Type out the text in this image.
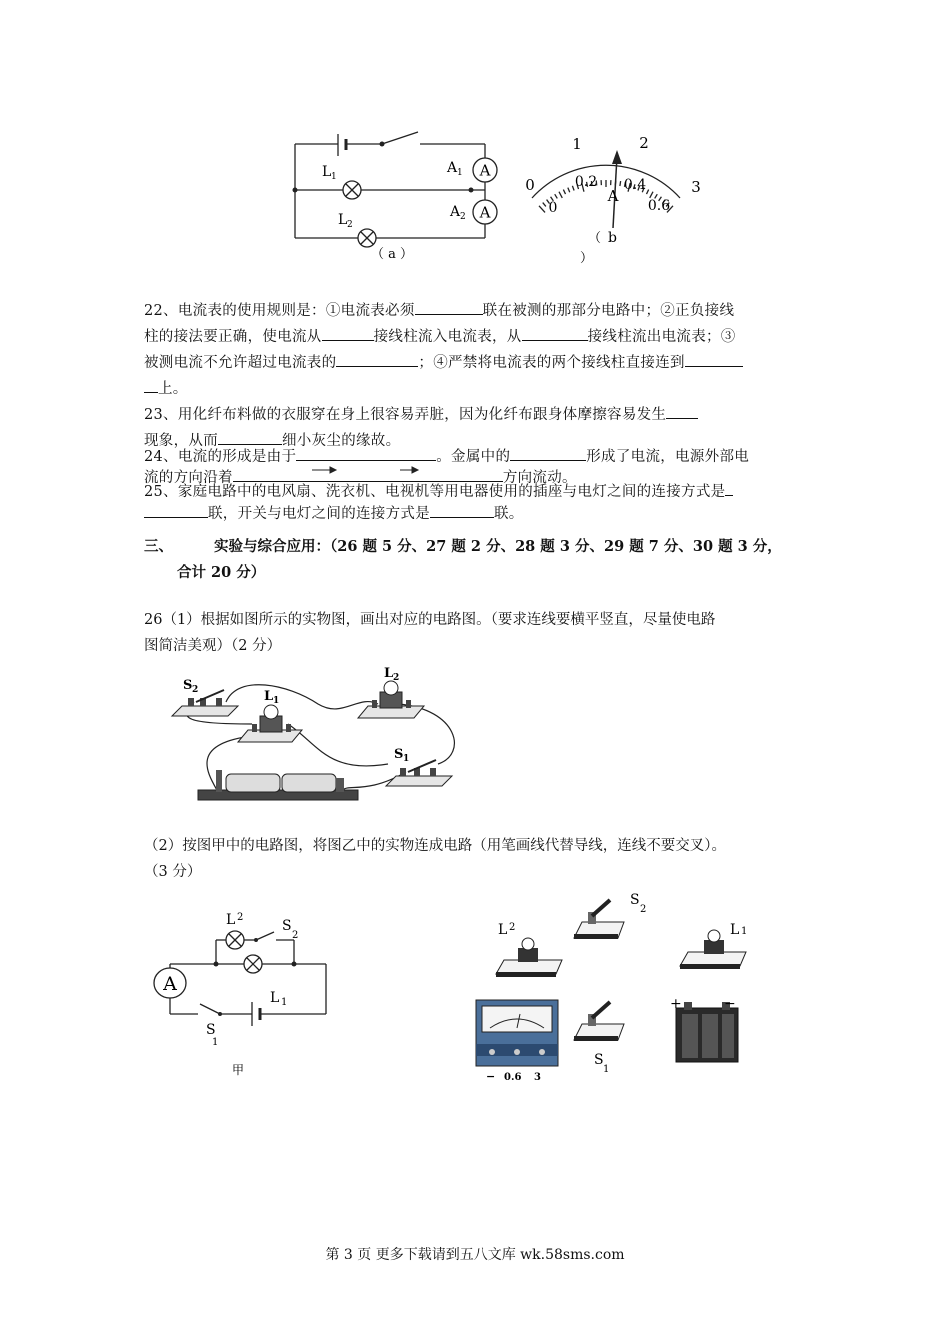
A
A
L 1
L 2
A 1
A 2
（ a ）
0
1	2
3
0
0.2 0.4
0.6
A
（ b
）
22、电流表的使用规则是：①电流表必须	联在被测的那部分电路中；②正负接线
柱的接法要正确，使电流从	接线柱流入电流表，从	接线柱流出电流表；③
被测电流不允许超过电流表的	；④严禁将电流表的两个接线柱直接连到
上。
23、用化纤布料做的衣服穿在身上很容易弄脏，因为化纤布跟身体摩擦容易发生
现象，从而	细小灰尘的缘故。
24、电流的形成是由于	。金属中的	形成了电流，电源外部电
流的方向沿着	方向流动。
25、家庭电路中的电风扇、洗衣机、电视机等用电器使用的插座与电灯之间的连接方式是
联，开关与电灯之间的连接方式是	联。
三、	实验与综合应用：（26 题 5 分、27 题 2 分、28 题 3 分、29 题 7 分、30 题 3 分，
合计 20 分）
26（1）根据如图所示的实物图，画出对应的电路图。（要求连线要横平竖直，尽量使电路
图简洁美观）（2 分）
S 2	L 1
L 2
S 1
（2）按图甲中的电路图，将图乙中的实物连成电路（用笔画线代替导线，连线不要交叉）。
（3 分）
A
L 2
S
2
L 1
S
1
甲
S
2
L 2	L 1
− 0.6 3
S
1
+	−
第 3 页 更多下载请到五八文库 wk.58sms.com
